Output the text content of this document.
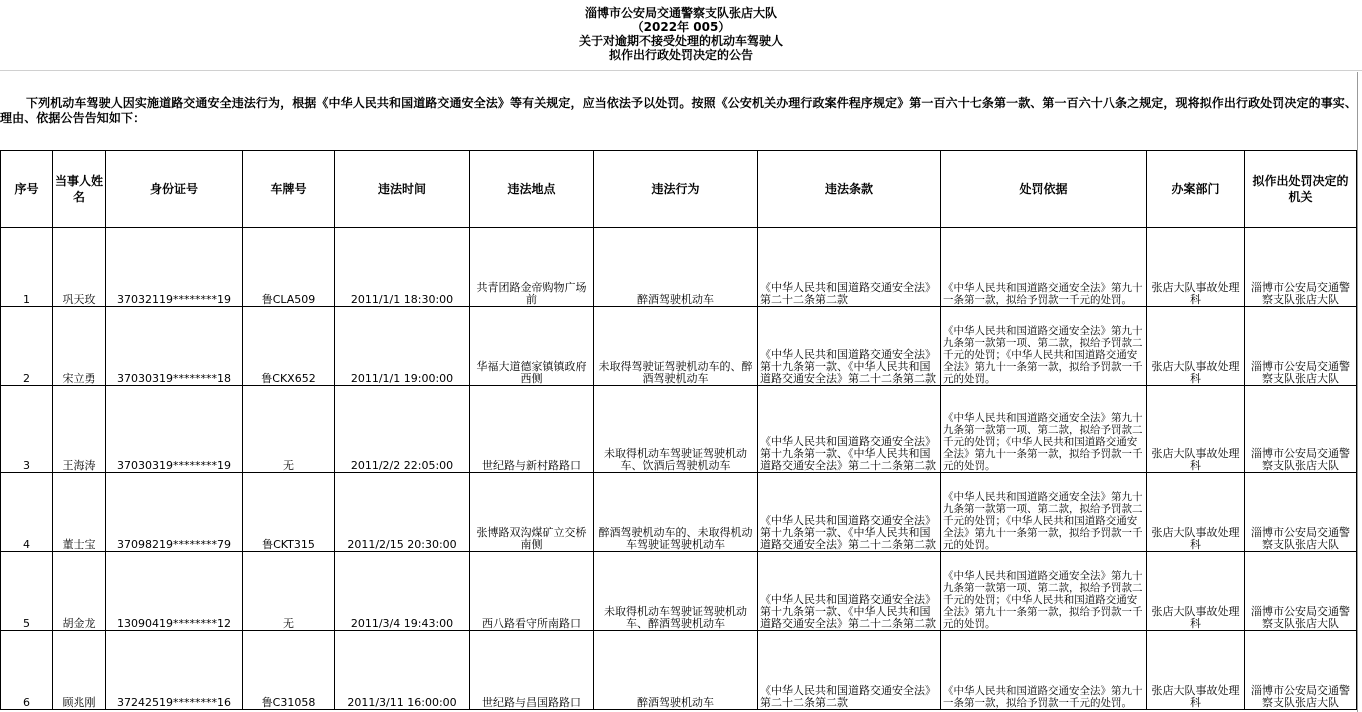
淄博市公安局交通警察支队张店大队
（2022年 005）
关于对逾期不接受处理的机动车驾驶人
拟作出行政处罚决定的公告
下列机动车驾驶人因实施道路交通安全违法行为，根据《中华人民共和国道路交通安全法》等有关规定，应当依法予以处罚。按照《公安机关办理行政案件程序规定》第一百六十七条第一款、第一百六十八条之规定，现将拟作出行政处罚决定的事实、理由、依据公告告知如下：
序号	当事人姓名	身份证号	车牌号	违法时间	违法地点	违法行为	违法条款	处罚依据	办案部门	拟作出处罚决定的机关
1	巩天玫	37032119********19	鲁CLA509	2011/1/1 18:30:00	共青团路金帝购物广场前	醉酒驾驶机动车	《中华人民共和国道路交通安全法》第二十二条第二款	《中华人民共和国道路交通安全法》第九十一条第一款，拟给予罚款一千元的处罚。	张店大队事故处理科	淄博市公安局交通警察支队张店大队
2	宋立勇	37030319********18	鲁CKX652	2011/1/1 19:00:00	华福大道德家镇镇政府西侧	未取得驾驶证驾驶机动车的、醉酒驾驶机动车	《中华人民共和国道路交通安全法》第十九条第一款、《中华人民共和国道路交通安全法》第二十二条第二款	《中华人民共和国道路交通安全法》第九十九条第一款第一项、第二款，拟给予罚款二千元的处罚；《中华人民共和国道路交通安全法》第九十一条第一款，拟给予罚款一千元的处罚。	张店大队事故处理科	淄博市公安局交通警察支队张店大队
3	王海涛	37030319********19	无	2011/2/2 22:05:00	世纪路与新村路路口	未取得机动车驾驶证驾驶机动车、饮酒后驾驶机动车	《中华人民共和国道路交通安全法》第十九条第一款、《中华人民共和国道路交通安全法》第二十二条第二款	《中华人民共和国道路交通安全法》第九十九条第一款第一项、第二款，拟给予罚款二千元的处罚；《中华人民共和国道路交通安全法》第九十一条第一款，拟给予罚款一千元的处罚。	张店大队事故处理科	淄博市公安局交通警察支队张店大队
4	董士宝	37098219********79	鲁CKT315	2011/2/15 20:30:00	张博路双沟煤矿立交桥南侧	醉酒驾驶机动车的、未取得机动车驾驶证驾驶机动车	《中华人民共和国道路交通安全法》第十九条第一款、《中华人民共和国道路交通安全法》第二十二条第二款	《中华人民共和国道路交通安全法》第九十九条第一款第一项、第二款，拟给予罚款二千元的处罚；《中华人民共和国道路交通安全法》第九十一条第一款，拟给予罚款一千元的处罚。	张店大队事故处理科	淄博市公安局交通警察支队张店大队
5	胡金龙	13090419********12	无	2011/3/4 19:43:00	西八路看守所南路口	未取得机动车驾驶证驾驶机动车、醉酒驾驶机动车	《中华人民共和国道路交通安全法》第十九条第一款、《中华人民共和国道路交通安全法》第二十二条第二款	《中华人民共和国道路交通安全法》第九十九条第一款第一项、第二款，拟给予罚款二千元的处罚；《中华人民共和国道路交通安全法》第九十一条第一款，拟给予罚款一千元的处罚。	张店大队事故处理科	淄博市公安局交通警察支队张店大队
6	顾兆刚	37242519********16	鲁C31058	2011/3/11 16:00:00	世纪路与昌国路路口	醉酒驾驶机动车	《中华人民共和国道路交通安全法》第二十二条第二款	《中华人民共和国道路交通安全法》第九十一条第一款，拟给予罚款一千元的处罚。	张店大队事故处理科	淄博市公安局交通警察支队张店大队
